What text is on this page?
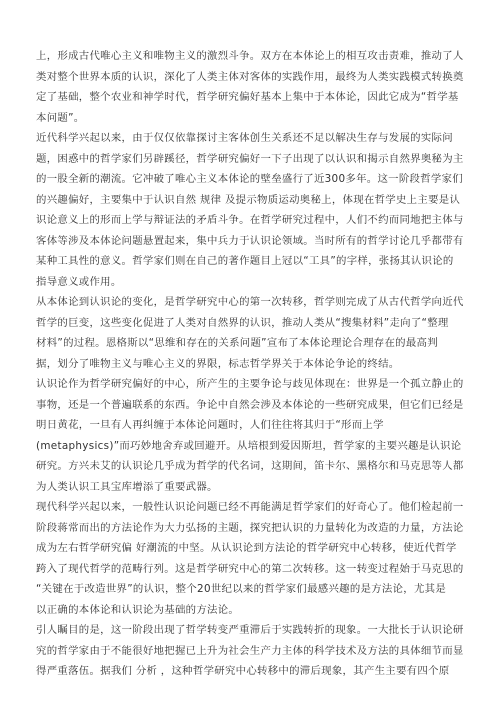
上，形成古代唯心主义和唯物主义的激烈斗争。双方在本体论上的相互攻击责难，推动了人
类对整个世界本质的认识，深化了人类主体对客体的实践作用，最终为人类实践模式转换奠
定了基础，整个农业和神学时代，哲学研究偏好基本上集中于本体论，因此它成为“哲学基
本问题”。
近代科学兴起以来，由于仅仅依靠探讨主客体创生关系还不足以解决生存与发展的实际问
题，困惑中的哲学家们另辟蹊径，哲学研究偏好一下子出现了以认识和揭示自然界奥秘为主
的一股全新的潮流。它冲破了唯心主义本体论的壁垒盛行了近300多年。这一阶段哲学家们
的兴趣偏好，主要集中于认识自然 规律 及提示物质运动奥秘上，体现在哲学史上主要是认
识论意义上的形而上学与辩证法的矛盾斗争。在哲学研究过程中，人们不约而同地把主体与
客体等涉及本体论问题悬置起来，集中兵力于认识论领域。当时所有的哲学讨论几乎都带有
某种工具性的意义。哲学家们则在自己的著作题目上冠以“工具”的字样，张扬其认识论的
指导意义或作用。
从本体论到认识论的变化，是哲学研究中心的第一次转移，哲学则完成了从古代哲学向近代
哲学的巨变，这些变化促进了人类对自然界的认识，推动人类从“搜集材料”走向了“整理
材料”的过程。恩格斯以“思维和存在的关系问题”宣布了本体论理论合理存在的最高判
据，划分了唯物主义与唯心主义的界限，标志哲学界关于本体论争论的终结。
认识论作为哲学研究偏好的中心，所产生的主要争论与歧见体现在：世界是一个孤立静止的
事物，还是一个普遍联系的东西。争论中自然会涉及本体论的一些研究成果，但它们已经是
明日黄花，一旦有人再纠缠于本体论问题时，人们往往将其归于“形而上学
(metaphysics)”而巧妙地舍弃或回避开。从培根到爱因斯坦，哲学家的主要兴趣是认识论
研究。方兴未艾的认识论几乎成为哲学的代名词，这期间，笛卡尔、黑格尔和马克思等人都
为人类认识工具宝库增添了重要武器。
现代科学兴起以来，一般性认识论问题已经不再能满足哲学家们的好奇心了。他们检起前一
阶段蒋常而出的方法论作为大力弘扬的主题，探究把认识的力量转化为改造的力量，方法论
成为左右哲学研究偏 好潮流的中坚。从认识论到方法论的哲学研究中心转移，使近代哲学
跨入了现代哲学的范畴行列。这是哲学研究中心的第二次转移。这一转变过程始于马克思的
“关键在于改造世界”的认识，整个20世纪以来的哲学家们最感兴趣的是方法论，尤其是
以正确的本体论和认识论为基础的方法论。
引人瞩目的是，这一阶段出现了哲学转变严重滞后于实践转折的现象。一大批长于认识论研
究的哲学家由于不能很好地把握已上升为社会生产力主体的科学技术及方法的具体细节而显
得严重落伍。据我们 分析 ，这种哲学研究中心转移中的滞后现象，其产生主要有四个原
